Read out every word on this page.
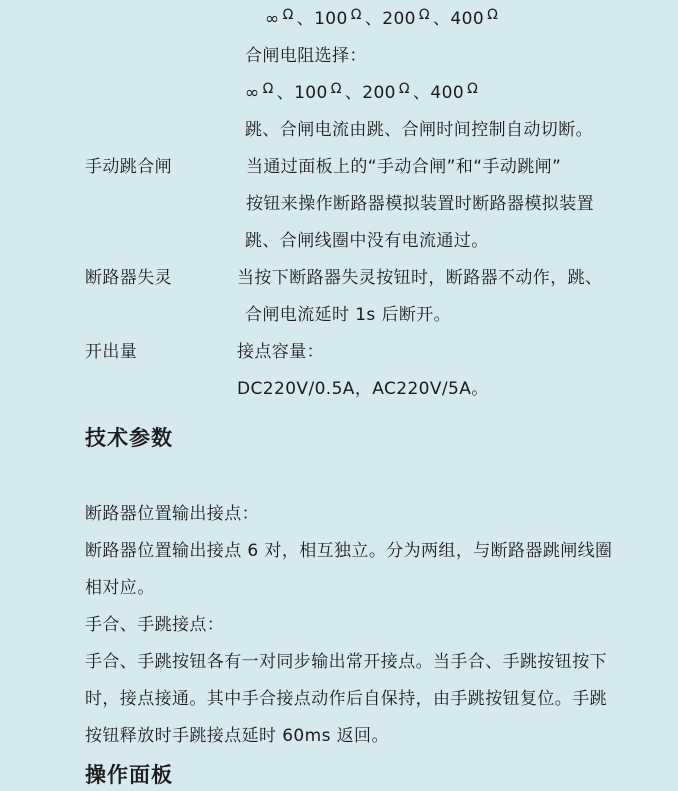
∞ Ω 、100 Ω 、200 Ω 、400 Ω
合闸电阻选择：
∞ Ω 、100 Ω 、200 Ω 、400 Ω
跳、合闸电流由跳、合闸时间控制自动切断。
手动跳合闸	当通过面板上的“手动合闸”和“手动跳闸”
按钮来操作断路器模拟装置时断路器模拟装置
跳、合闸线圈中没有电流通过。
断路器失灵	当按下断路器失灵按钮时，断路器不动作，跳、
合闸电流延时 1s 后断开。
开出量	接点容量：
DC220V/0.5A，AC220V/5A。
技术参数
断路器位置输出接点：
断路器位置输出接点 6 对，相互独立。分为两组，与断路器跳闸线圈
相对应。
手合、手跳接点：
手合、手跳按钮各有一对同步输出常开接点。当手合、手跳按钮按下
时，接点接通。其中手合接点动作后自保持，由手跳按钮复位。手跳
按钮释放时手跳接点延时 60ms 返回。
操作面板
